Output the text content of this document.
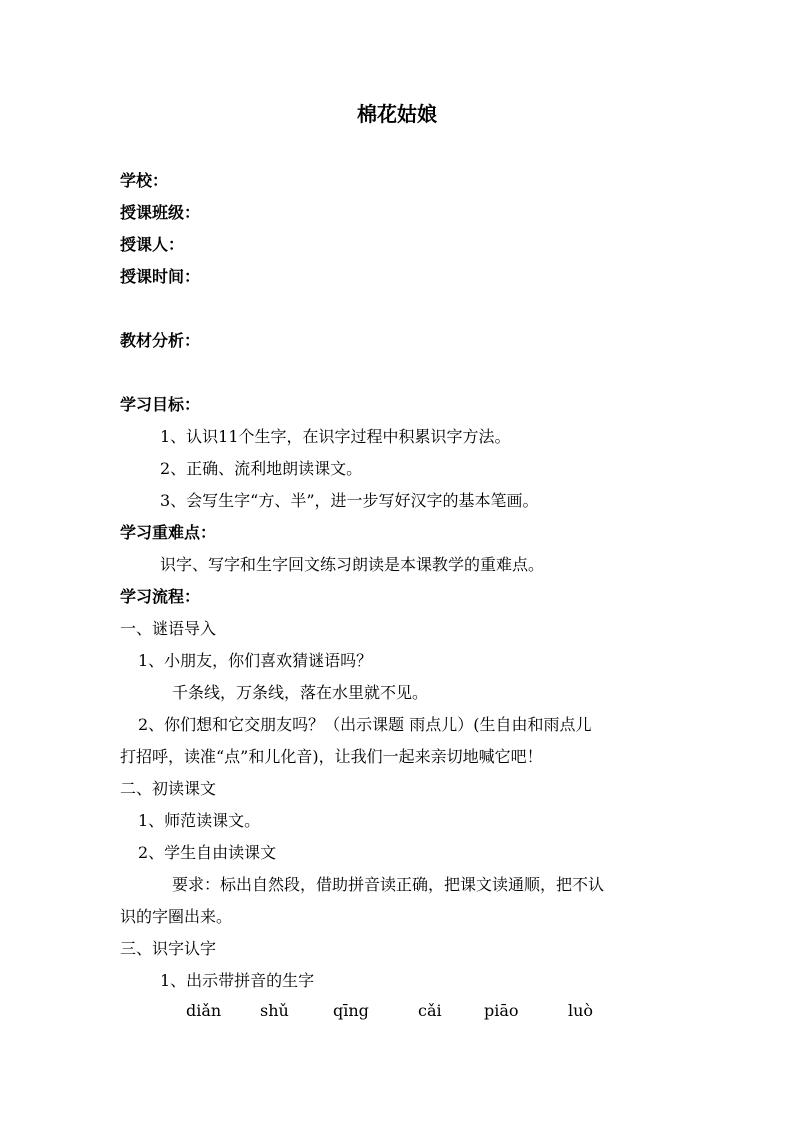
棉花姑娘
学校：
授课班级：
授课人：
授课时间：
教材分析：
学习目标：
1、认识11个生字，在识字过程中积累识字方法。
2、正确、流利地朗读课文。
3、会写生字“方、半”，进一步写好汉字的基本笔画。
学习重难点：
识字、写字和生字回文练习朗读是本课教学的重难点。
学习流程：
一、谜语导入
1、小朋友，你们喜欢猜谜语吗？
千条线，万条线，落在水里就不见。
2、你们想和它交朋友吗？（出示课题 雨点儿）(生自由和雨点儿
打招呼，读准“点”和儿化音)，让我们一起来亲切地喊它吧！
二、初读课文
1、师范读课文。
2、学生自由读课文
要求：标出自然段，借助拼音读正确，把课文读通顺，把不认
识的字圈出来。
三、识字认字
1、出示带拼音的生字
diǎn shǔ	qīng	cǎi	piāo	luò
